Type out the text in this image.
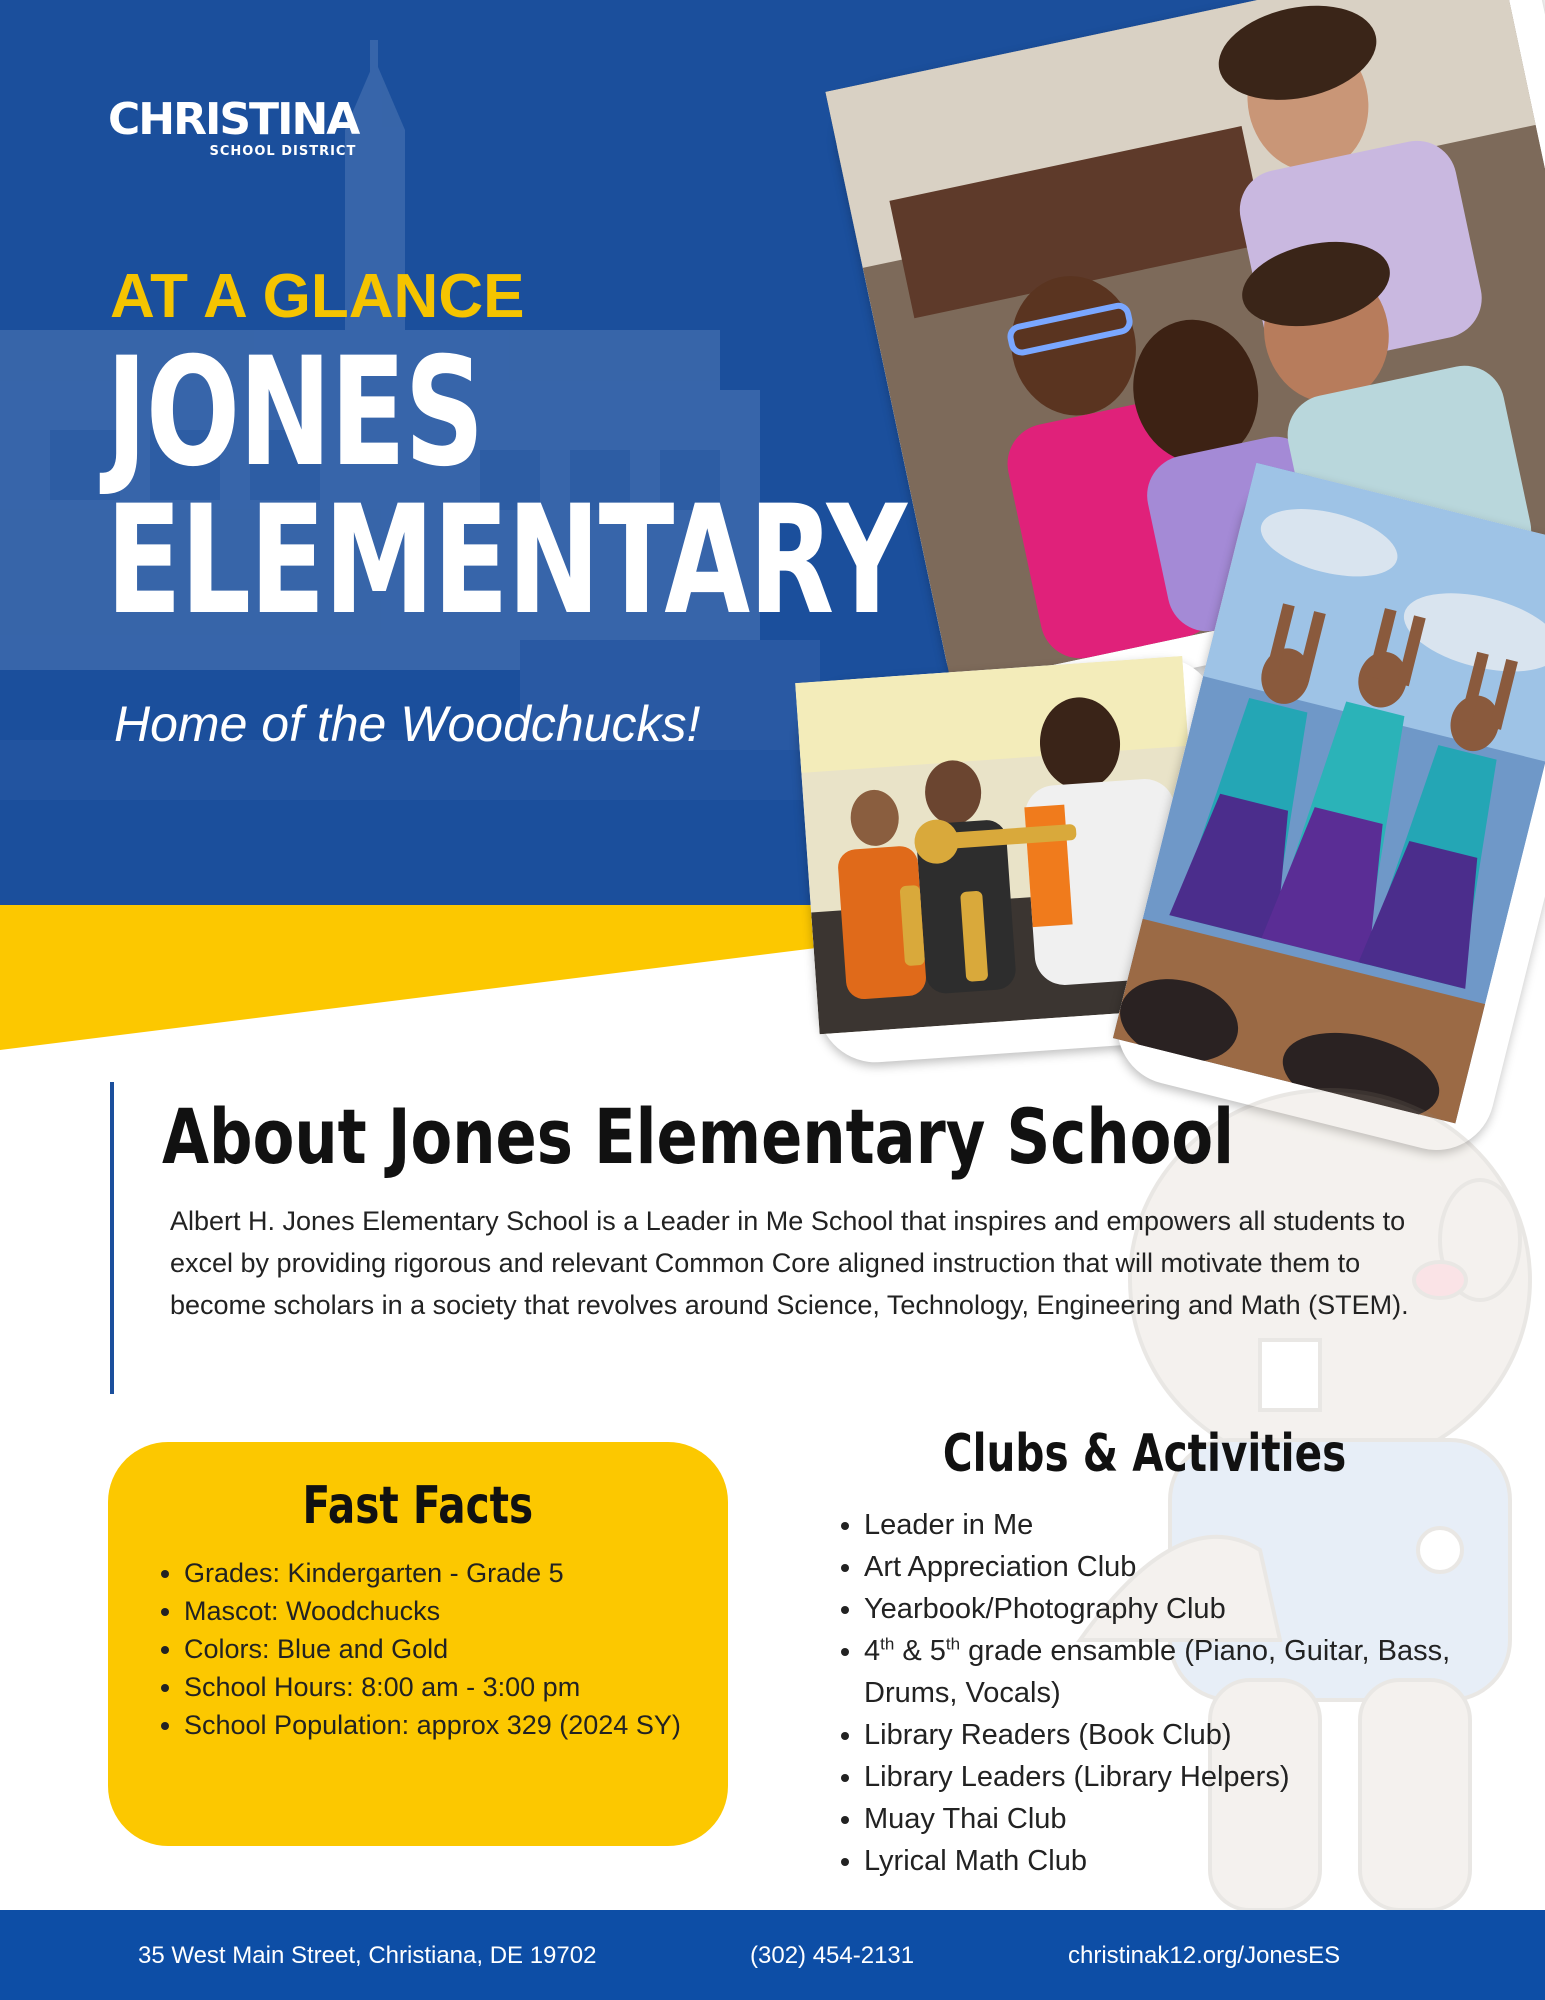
CHRISTINA
SCHOOL DISTRICT
AT A GLANCE
JONES
ELEMENTARY
Home of the Woodchucks!
About Jones Elementary School
Albert H. Jones Elementary School is a Leader in Me School that inspires and empowers all students to excel by providing rigorous and relevant Common Core aligned instruction that will motivate them to become scholars in a society that revolves around Science, Technology, Engineering and Math (STEM).
Fast Facts
• Grades: Kindergarten - Grade 5
• Mascot: Woodchucks
• Colors: Blue and Gold
• School Hours: 8:00 am - 3:00 pm
• School Population: approx 329 (2024 SY)
Clubs & Activities
• Leader in Me
• Art Appreciation Club
• Yearbook/Photography Club
• 4th & 5th grade ensamble (Piano, Guitar, Bass, Drums, Vocals)
• Library Readers (Book Club)
• Library Leaders (Library Helpers)
• Muay Thai Club
• Lyrical Math Club
35 West Main Street, Christiana, DE 19702	(302) 454-2131	christinak12.org/JonesES
